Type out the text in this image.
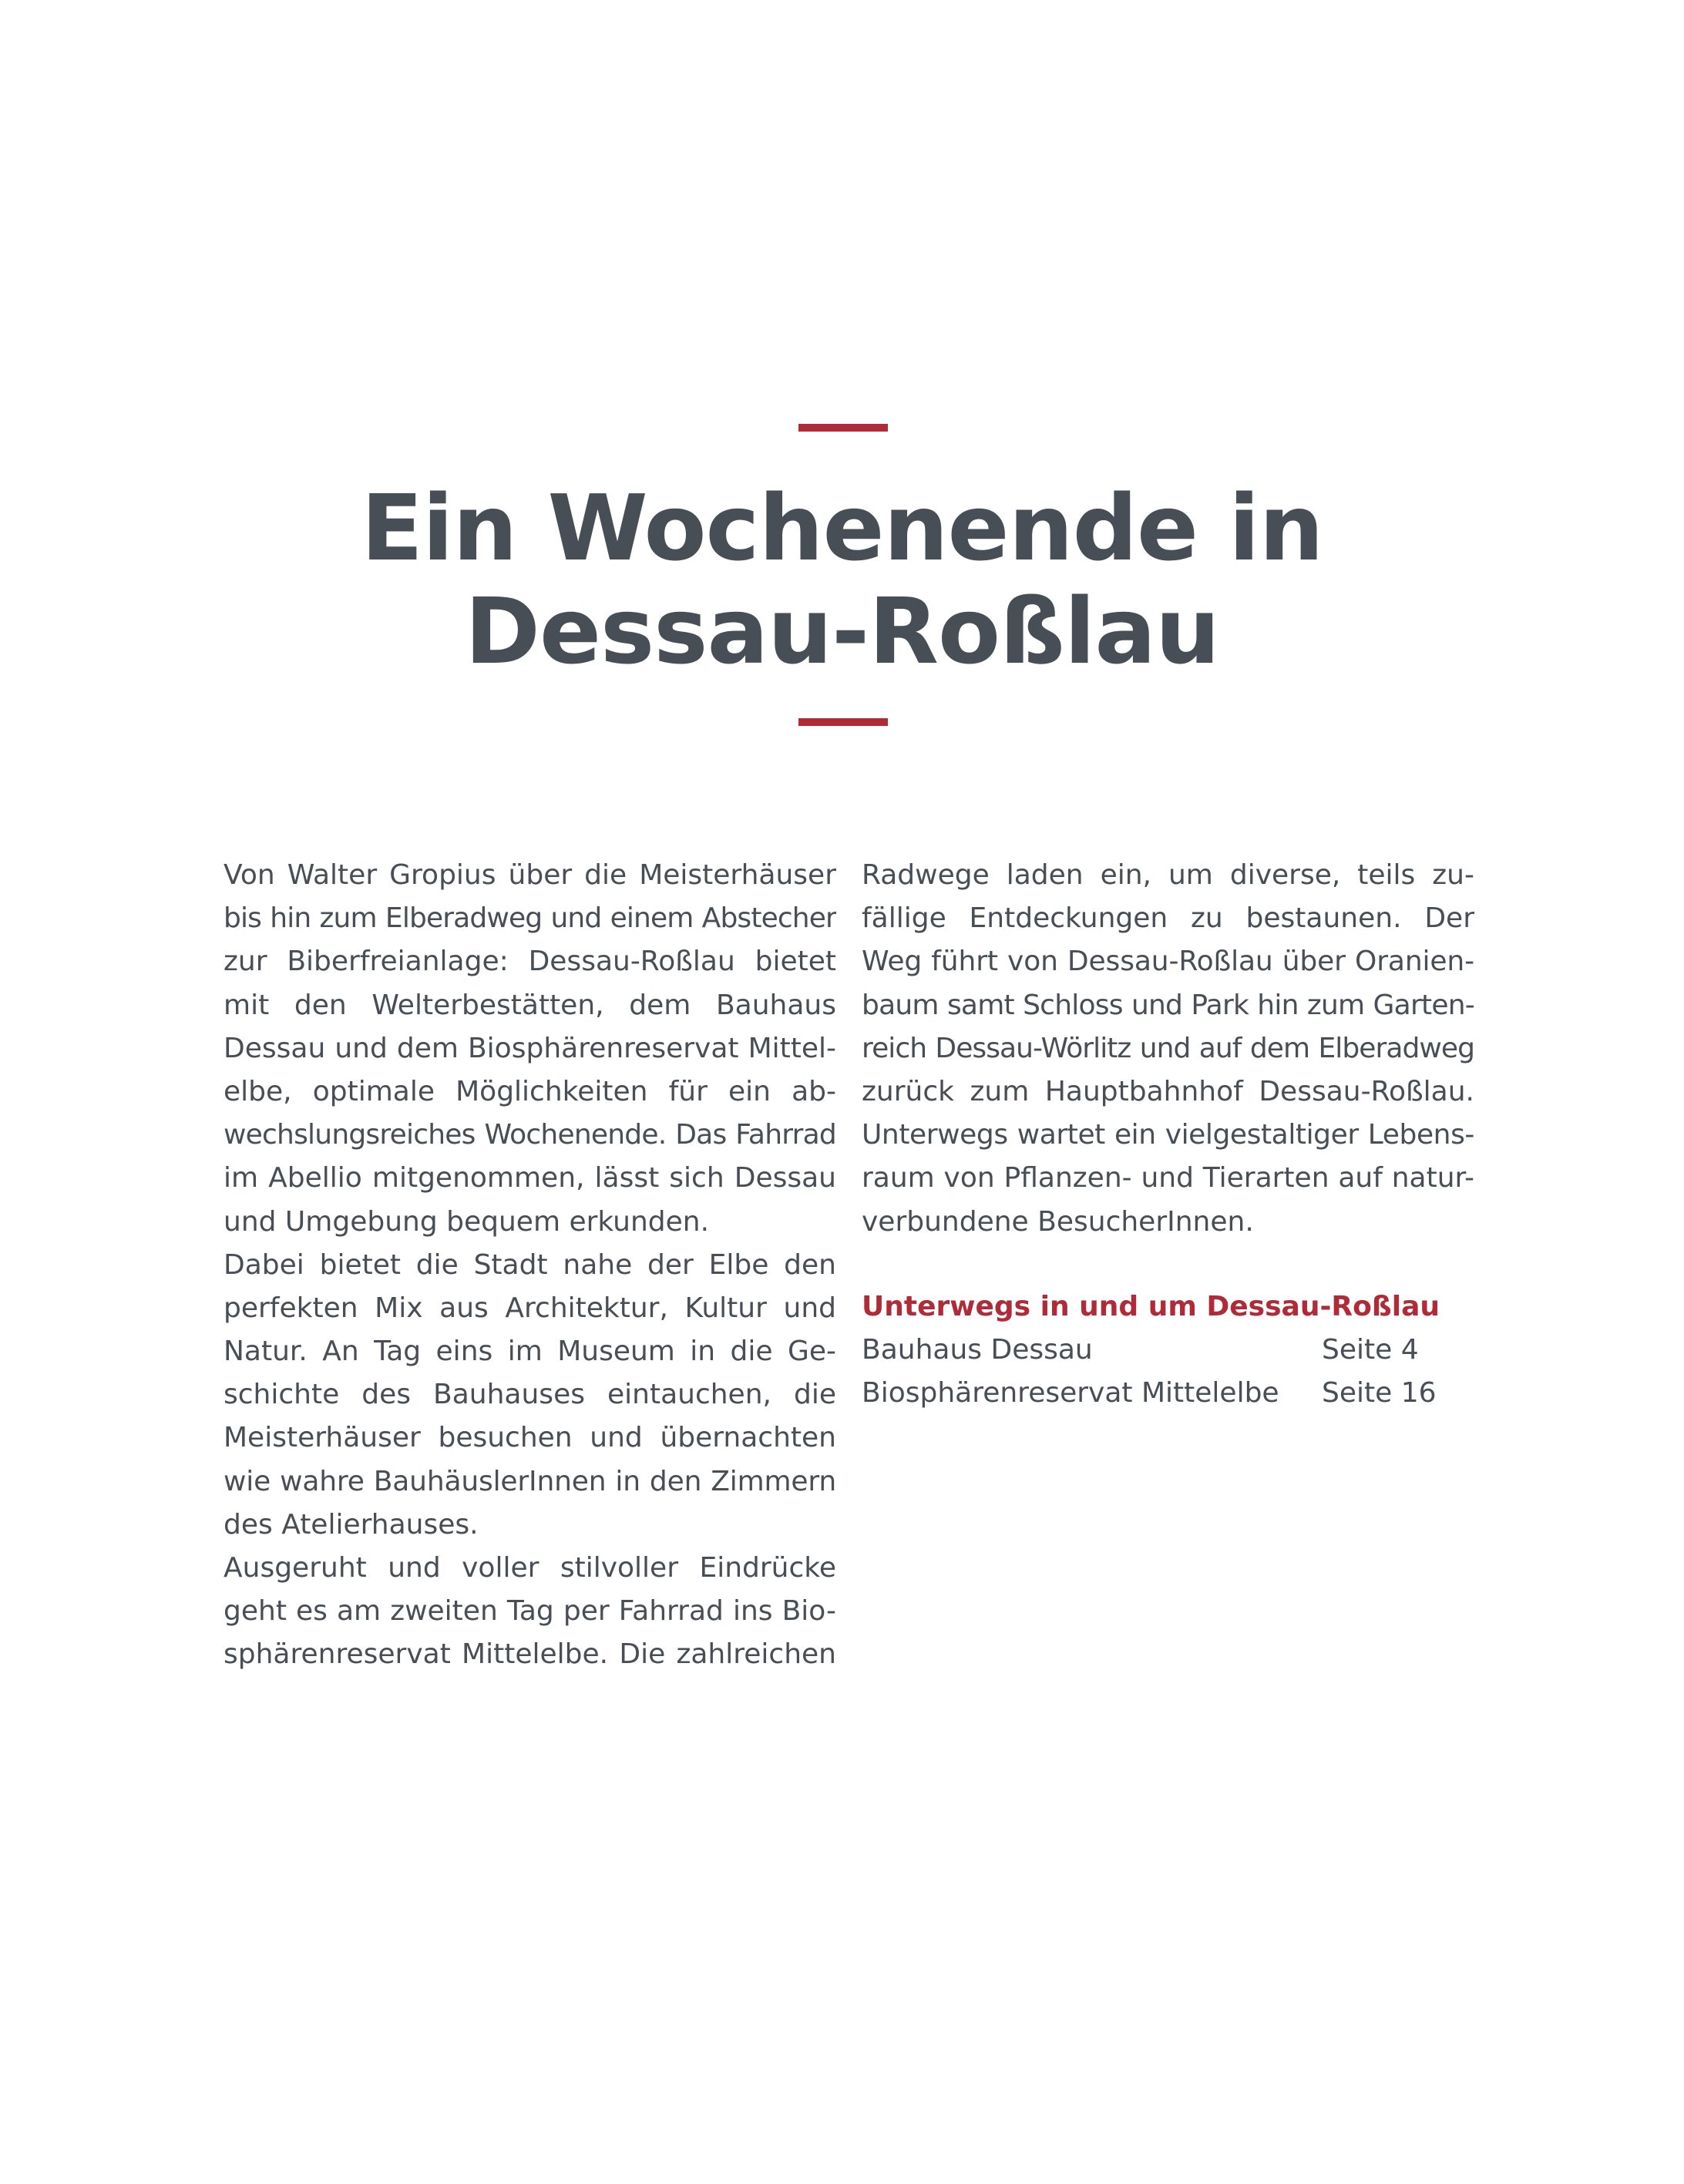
Ein Wochenende in
Dessau-Roßlau
Von Walter Gropius über die Meisterhäuser
bis hin zum Elberadweg und einem Abstecher
zur Biberfreianlage: Dessau-Roßlau bietet
mit den Welterbestätten, dem Bauhaus
Dessau und dem Biosphärenreservat Mittel-
elbe, optimale Möglichkeiten für ein ab-
wechslungsreiches Wochenende. Das Fahrrad
im Abellio mitgenommen, lässt sich Dessau
und Umgebung bequem erkunden.
Dabei bietet die Stadt nahe der Elbe den
perfekten Mix aus Architektur, Kultur und
Natur. An Tag eins im Museum in die Ge-
schichte des Bauhauses eintauchen, die
Meisterhäuser besuchen und übernachten
wie wahre BauhäuslerInnen in den Zimmern
des Atelierhauses.
Ausgeruht und voller stilvoller Eindrücke
geht es am zweiten Tag per Fahrrad ins Bio-
sphärenreservat Mittelelbe. Die zahlreichen
Radwege laden ein, um diverse, teils zu-
fällige Entdeckungen zu bestaunen. Der
Weg führt von Dessau-Roßlau über Oranien-
baum samt Schloss und Park hin zum Garten-
reich Dessau-Wörlitz und auf dem Elberadweg
zurück zum Hauptbahnhof Dessau-Roßlau.
Unterwegs wartet ein vielgestaltiger Lebens-
raum von Pflanzen- und Tierarten auf natur-
verbundene BesucherInnen.
Unterwegs in und um Dessau-Roßlau
Bauhaus Dessau	Seite 4
Biosphärenreservat Mittelelbe Seite 16
